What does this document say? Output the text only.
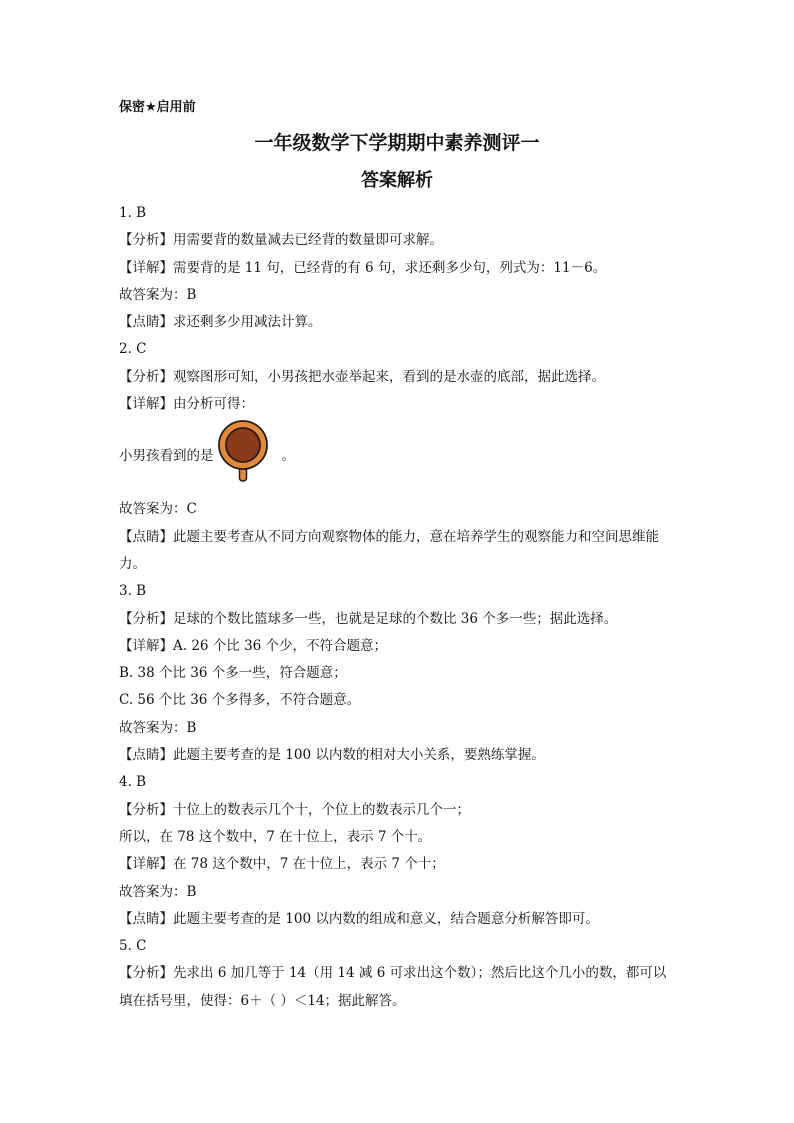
保密★启用前
一年级数学下学期期中素养测评一
答案解析
1. B
【分析】用需要背的数量减去已经背的数量即可求解。
【详解】需要背的是 11 句，已经背的有 6 句，求还剩多少句，列式为：11－6。
故答案为：B
【点睛】求还剩多少用减法计算。
2. C
【分析】观察图形可知，小男孩把水壶举起来，看到的是水壶的底部，据此选择。
【详解】由分析可得：
小男孩看到的是	。
故答案为：C
【点睛】此题主要考查从不同方向观察物体的能力，意在培养学生的观察能力和空间思维能
力。
3. B
【分析】足球的个数比篮球多一些，也就是足球的个数比 36 个多一些；据此选择。
【详解】A. 26 个比 36 个少，不符合题意；
B. 38 个比 36 个多一些，符合题意；
C. 56 个比 36 个多得多，不符合题意。
故答案为：B
【点睛】此题主要考查的是 100 以内数的相对大小关系，要熟练掌握。
4. B
【分析】十位上的数表示几个十，个位上的数表示几个一；
所以，在 78 这个数中，7 在十位上，表示 7 个十。
【详解】在 78 这个数中，7 在十位上，表示 7 个十；
故答案为：B
【点睛】此题主要考查的是 100 以内数的组成和意义，结合题意分析解答即可。
5. C
【分析】先求出 6 加几等于 14（用 14 减 6 可求出这个数）；然后比这个几小的数，都可以
填在括号里，使得：6＋（ ）＜14；据此解答。
